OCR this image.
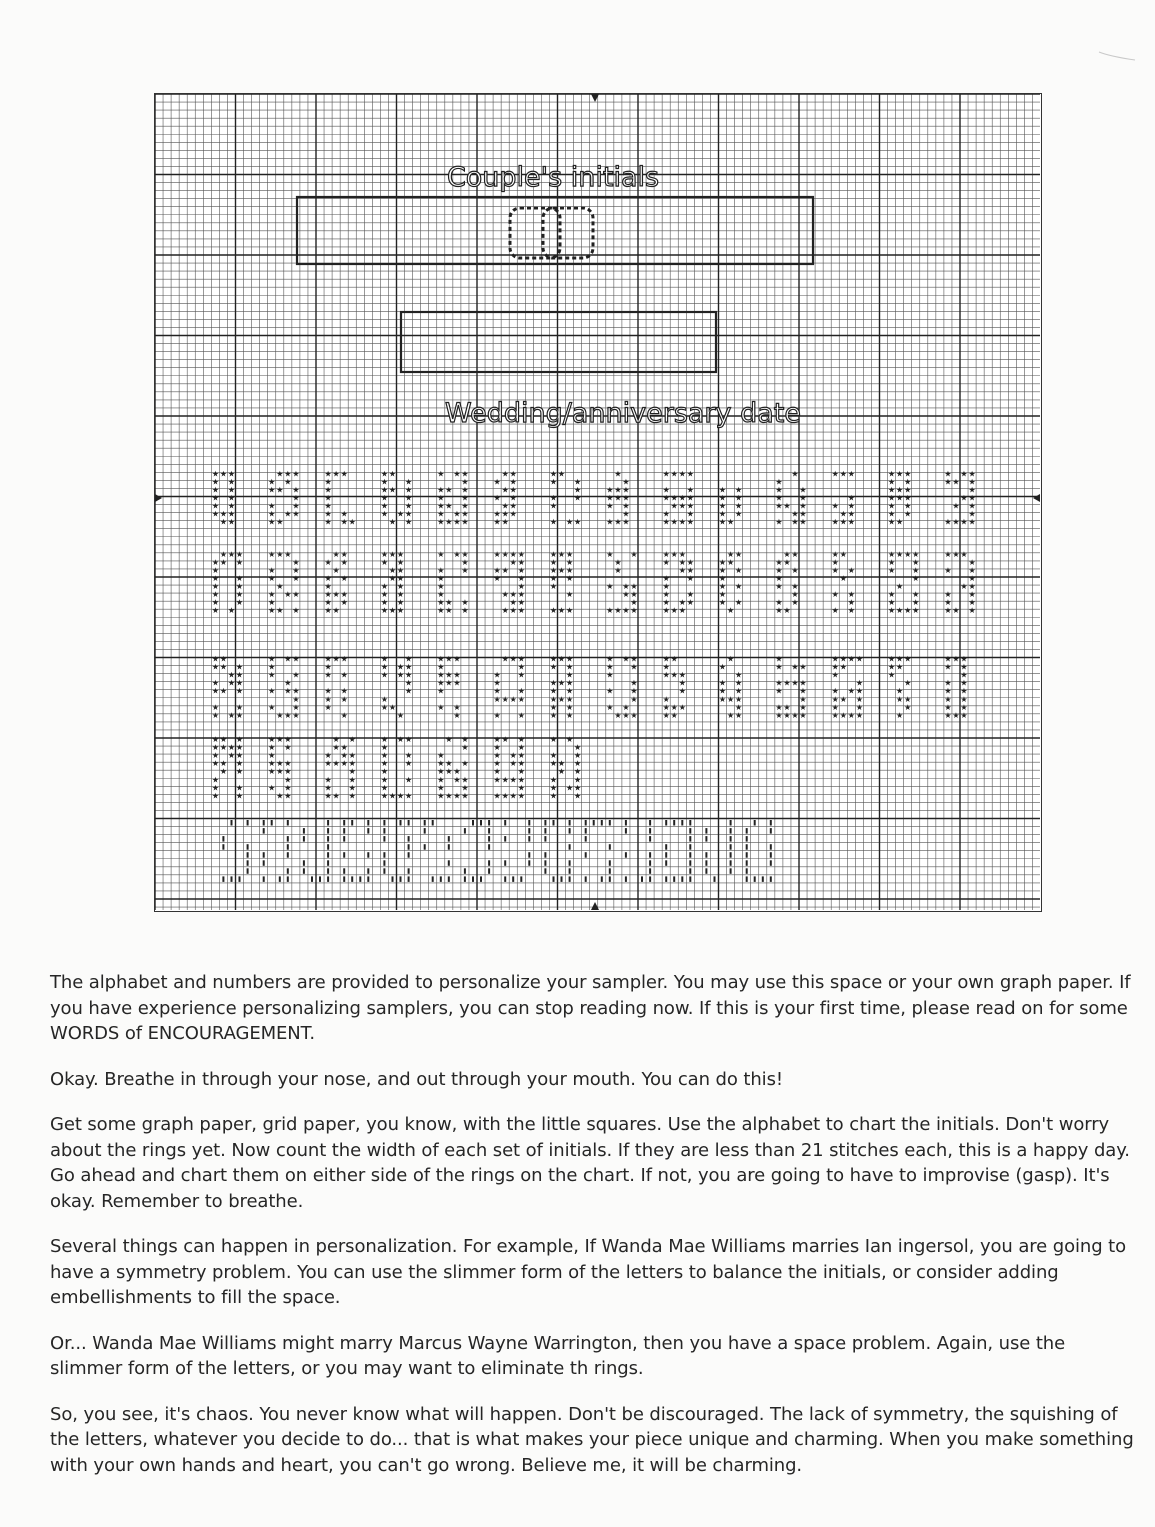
Couple's initials
Wedding/anniversary date
★
★
★
★
★
★
★
★
★
★
★
★
★
★
★
★
★
★
★
★
★
★
★
★
★
★
★
★
★
★
★
★
★
★
★
★
★
★
★
★ ★
★
★ ★
★
★
★
★
★
★
★
★
★
★
★
★
★
★
★
★
★
★
★
★
★
★
★
★
★
★
★
★
★
★
★
★
★
★
★
★
★
★
★
★
★
★
★
★
★
★
★
★
★
★
★
★
★
★
★
★
★
★
★
★
★
★
★
★
★
★
★
★
★
★
★
★
★
★
★
★
★
★
★
★
★
★
★
★
★
★
★
★
★
★
★
★
★
★
★
★
★
★
★ ★
★
★
★
★
★
★
★
★
★
★
★
★
★
★
★
★
★
★
★
★
★
★
★
★
★
★
★
★
★
★
★
★
★
★
★
★
★
★
★
★
★
★
★
★
★
★
★
★
★
★
★
★
★
★
★
★
★
★
★
★
★
★
★
★
★
★
★
★
★
★
★
★
★
★
★
★
★
★
★
★
★
★
★
★
★
★
★
★
★
★
★
★
★
★
★
★
★
★
★
★
★
★
★
★
★
★
★
★
★
★
★
★
★
★
★
★
★
★
★
★
★
★
★
★
★
★
★
★
★
★
★
★
★
★
★
★
★
★ ★
★
★
★
★
★
★
★
★
★
★
★
★
★
★
★
★
★
★
★
★
★
★
★
★
★
★
★
★
★
★
★
★
★
★
★
★
★
★
★
★
★
★
★
★
★
★
★
★
★
★
★
★
★
★
★
★
★
★
★
★
★
★
★
★
★
★
★
★
★
★
★
★
★
★
★
★
★
★
★
★
★
★
★
★
★
★
★
★
★
★
★
★
★
★
★
★
★
★
★
★
★
★
★
★
★
★
★
★
★
★
★
★
★
★
★
★
★
★
★
★
★
★
★
★
★
★
★
★
★
★
★
★
★
★
★
★
★
★
★
★
★
★
★
★
★
★
★
★
★
★
★
★
★
★
★
★
★
★
★
★
★
★
★
★
★
★
★
★
★
★
★
★
★
★
★
★
★
★
★
★
★
★
★
★
★ ★
★
★
★
★
★
★
★
★
★ ★
★
★
★
★
★
★
★
★
★
★
★
★
★
★
★
★
★
★
★
★
★
★
★
★
★
★
★
★
★
★
★
★
★
★
★
★
★
★
★
★
★
★
★
★
★
★
★
★
★
★
★
★
★
★
★
★
★
★
★
★
★
★
★
★
★
★
★
★
★
★
★
★
★
★
★
★
★
★
★
★
★
★
★
★
★
★
★
★
★
★
★
★
★
★
★
★
★
★
★
★
★
★
★
★
★
★
★
★
★
★
★
★
★
★
★
★
★
★
★
★
★
★
★
★
★
★
★
★
★
★
★
★
★
★
★
★
★
★
★
★
★
★
★
★
★
★
★
★
★
★
★
★
★
★
★
★
★
★
★
★
★
★
★
★
★
★
★
★
★
★
★
★
★
★
★
★
★
★
★
★
★
★
★
★
★
★
★
★
★
★
★
★
★
★
★
★
★
★
★
★
★
★
★
★
★
★
★
★
★
★
★
★
★
★
★
★
★
★
★
★
★
★
★
★
★
★
★
★ ★
★
★
★
★
★
★
★
★
★
★
★
★
★
★
★
★
★
★
★
★
★
★
★
★
★
★
★
★
★
★
★
★
★
★
★
★
★
★
★
★
★
★
★
★
★
★
★
★
★
★
★
★
★
★
★
★
★
★
★
★
★
★
★
★
★

The alphabet and numbers are provided to personalize your sampler. You may use this space or your own graph paper. If you have experience personalizing samplers, you can stop reading now. If this is your first time, please read on for some WORDS of ENCOURAGEMENT.

Okay. Breathe in through your nose, and out through your mouth. You can do this!

Get some graph paper, grid paper, you know, with the little squares. Use the alphabet to chart the initials. Don't worry about the rings yet. Now count the width of each set of initials. If they are less than 21 stitches each, this is a happy day. Go ahead and chart them on either side of the rings on the chart. If not, you are going to have to improvise (gasp). It's okay. Remember to breathe.

Several things can happen in personalization. For example, If Wanda Mae Williams marries Ian ingersol, you are going to have a symmetry problem. You can use the slimmer form of the letters to balance the initials, or consider adding embellishments to fill the space.

Or... Wanda Mae Williams might marry Marcus Wayne Warrington, then you have a space problem. Again, use the slimmer form of the letters, or you may want to eliminate th rings.

So, you see, it's chaos. You never know what will happen. Don't be discouraged. The lack of symmetry, the squishing of the letters, whatever you decide to do... that is what makes your piece unique and charming. When you make something with your own hands and heart, you can't go wrong. Believe me, it will be charming.
